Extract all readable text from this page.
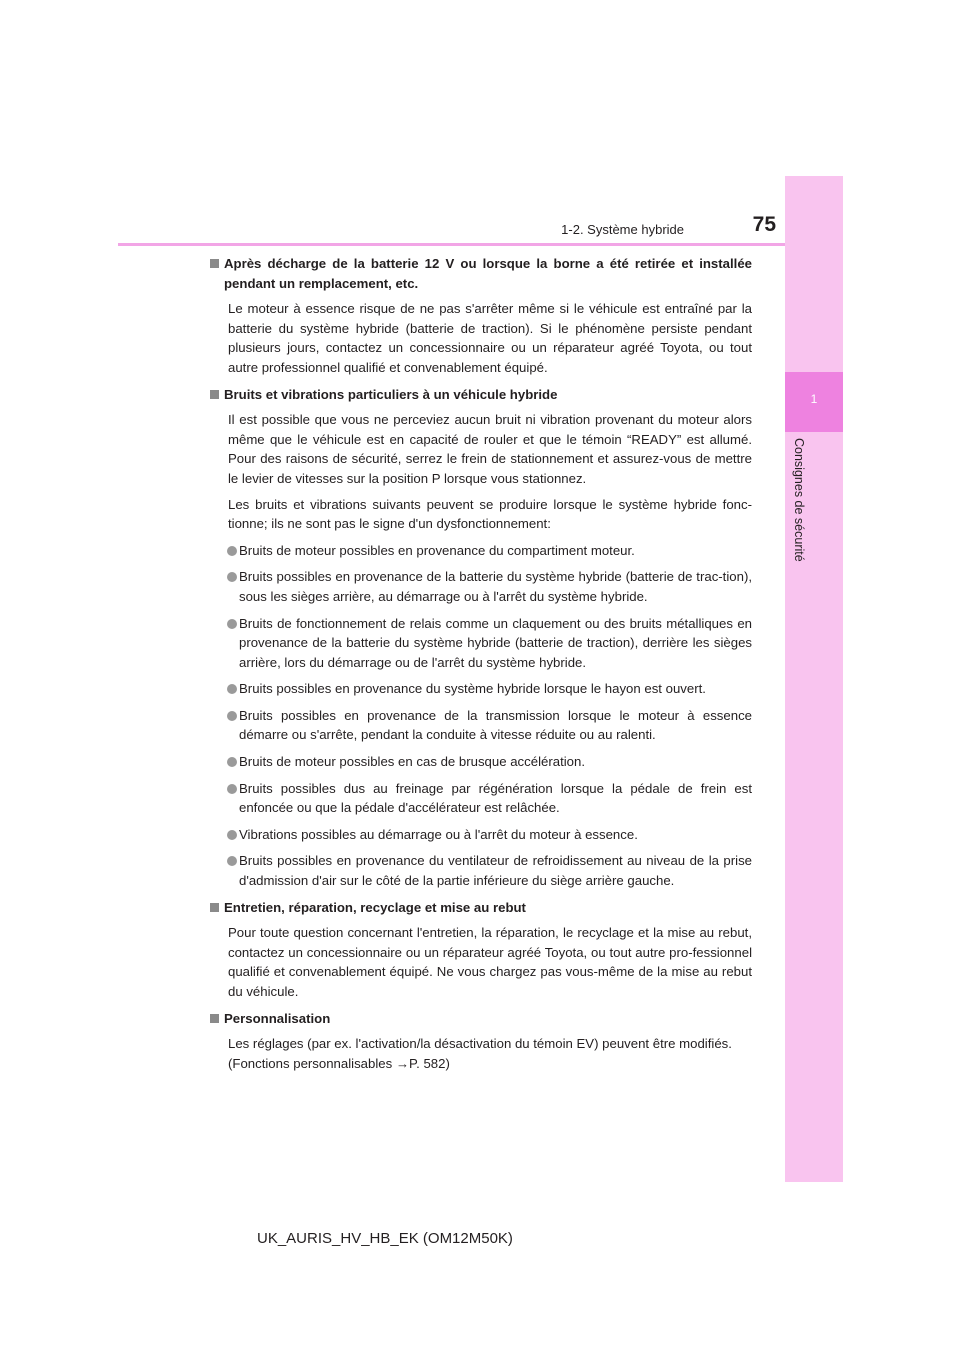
1
Consignes de sécurité
1-2. Système hybride	75
Après décharge de la batterie 12 V ou lorsque la borne a été retirée et installée pendant un remplacement, etc.
Le moteur à essence risque de ne pas s'arrêter même si le véhicule est entraîné par la batterie du système hybride (batterie de traction). Si le phénomène persiste pendant plusieurs jours, contactez un concessionnaire ou un réparateur agréé Toyota, ou tout autre professionnel qualifié et convenablement équipé.
Bruits et vibrations particuliers à un véhicule hybride
Il est possible que vous ne perceviez aucun bruit ni vibration provenant du moteur alors même que le véhicule est en capacité de rouler et que le témoin “READY” est allumé. Pour des raisons de sécurité, serrez le frein de stationnement et assurez-vous de mettre le levier de vitesses sur la position P lorsque vous stationnez.
Les bruits et vibrations suivants peuvent se produire lorsque le système hybride fonc-tionne; ils ne sont pas le signe d'un dysfonctionnement:
Bruits de moteur possibles en provenance du compartiment moteur.
Bruits possibles en provenance de la batterie du système hybride (batterie de trac-tion), sous les sièges arrière, au démarrage ou à l'arrêt du système hybride.
Bruits de fonctionnement de relais comme un claquement ou des bruits métalliques en provenance de la batterie du système hybride (batterie de traction), derrière les sièges arrière, lors du démarrage ou de l'arrêt du système hybride.
Bruits possibles en provenance du système hybride lorsque le hayon est ouvert.
Bruits possibles en provenance de la transmission lorsque le moteur à essence démarre ou s'arrête, pendant la conduite à vitesse réduite ou au ralenti.
Bruits de moteur possibles en cas de brusque accélération.
Bruits possibles dus au freinage par régénération lorsque la pédale de frein est enfoncée ou que la pédale d'accélérateur est relâchée.
Vibrations possibles au démarrage ou à l'arrêt du moteur à essence.
Bruits possibles en provenance du ventilateur de refroidissement au niveau de la prise d'admission d'air sur le côté de la partie inférieure du siège arrière gauche.
Entretien, réparation, recyclage et mise au rebut
Pour toute question concernant l'entretien, la réparation, le recyclage et la mise au rebut, contactez un concessionnaire ou un réparateur agréé Toyota, ou tout autre pro-fessionnel qualifié et convenablement équipé. Ne vous chargez pas vous-même de la mise au rebut du véhicule.
Personnalisation
Les réglages (par ex. l'activation/la désactivation du témoin EV) peuvent être modifiés.
(Fonctions personnalisables →P. 582)
UK_AURIS_HV_HB_EK (OM12M50K)
